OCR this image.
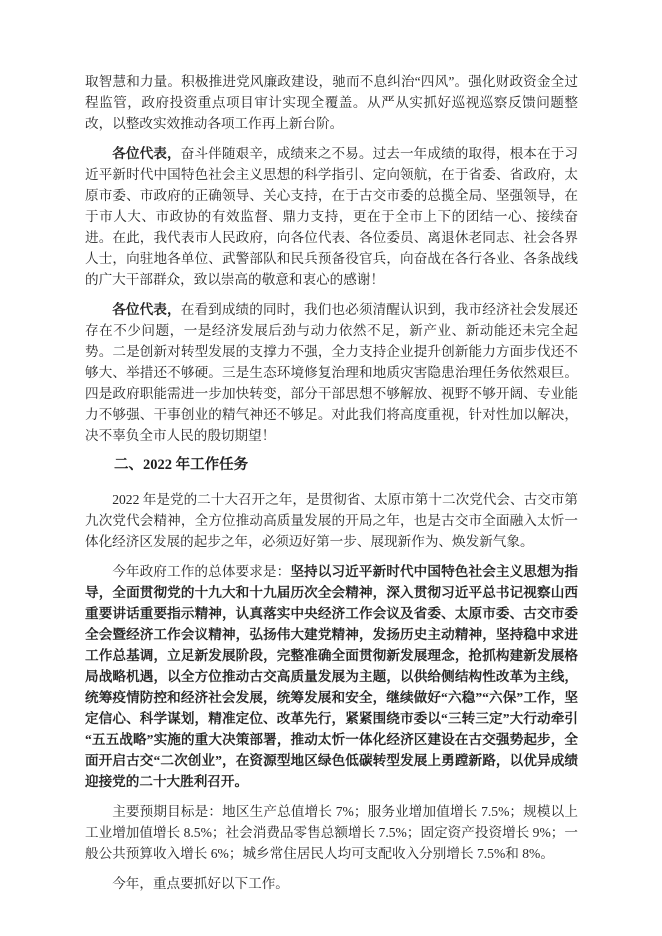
取智慧和力量。积极推进党风廉政建设，驰而不息纠治“四风”。强化财政资金全过程监管，政府投资重点项目审计实现全覆盖。从严从实抓好巡视巡察反馈问题整改，以整改实效推动各项工作再上新台阶。

各位代表，奋斗伴随艰辛，成绩来之不易。过去一年成绩的取得，根本在于习近平新时代中国特色社会主义思想的科学指引、定向领航，在于省委、省政府，太原市委、市政府的正确领导、关心支持，在于古交市委的总揽全局、坚强领导，在于市人大、市政协的有效监督、鼎力支持，更在于全市上下的团结一心、接续奋进。在此，我代表市人民政府，向各位代表、各位委员、离退休老同志、社会各界人士，向驻地各单位、武警部队和民兵预备役官兵，向奋战在各行各业、各条战线的广大干部群众，致以崇高的敬意和衷心的感谢！

各位代表，在看到成绩的同时，我们也必须清醒认识到，我市经济社会发展还存在不少问题，一是经济发展后劲与动力依然不足，新产业、新动能还未完全起势。二是创新对转型发展的支撑力不强，全力支持企业提升创新能力方面步伐还不够大、举措还不够硬。三是生态环境修复治理和地质灾害隐患治理任务依然艰巨。四是政府职能需进一步加快转变，部分干部思想不够解放、视野不够开阔、专业能力不够强、干事创业的精气神还不够足。对此我们将高度重视，针对性加以解决，决不辜负全市人民的殷切期望！

二、2022 年工作任务

2022 年是党的二十大召开之年，是贯彻省、太原市第十二次党代会、古交市第九次党代会精神，全方位推动高质量发展的开局之年，也是古交市全面融入太忻一体化经济区发展的起步之年，必须迈好第一步、展现新作为、焕发新气象。

今年政府工作的总体要求是：坚持以习近平新时代中国特色社会主义思想为指导，全面贯彻党的十九大和十九届历次全会精神，深入贯彻习近平总书记视察山西重要讲话重要指示精神，认真落实中央经济工作会议及省委、太原市委、古交市委全会暨经济工作会议精神，弘扬伟大建党精神，发扬历史主动精神，坚持稳中求进工作总基调，立足新发展阶段，完整准确全面贯彻新发展理念，抢抓构建新发展格局战略机遇，以全方位推动古交高质量发展为主题，以供给侧结构性改革为主线，统筹疫情防控和经济社会发展，统筹发展和安全，继续做好“六稳”“六保”工作，坚定信心、科学谋划，精准定位、改革先行，紧紧围绕市委以“三转三定”大行动牵引“五五战略”实施的重大决策部署，推动太忻一体化经济区建设在古交强势起步，全面开启古交“二次创业”，在资源型地区绿色低碳转型发展上勇蹚新路，以优异成绩迎接党的二十大胜利召开。

主要预期目标是：地区生产总值增长 7%；服务业增加值增长 7.5%；规模以上工业增加值增长 8.5%；社会消费品零售总额增长 7.5%；固定资产投资增长 9%；一般公共预算收入增长 6%；城乡常住居民人均可支配收入分别增长 7.5%和 8%。

今年，重点要抓好以下工作。
